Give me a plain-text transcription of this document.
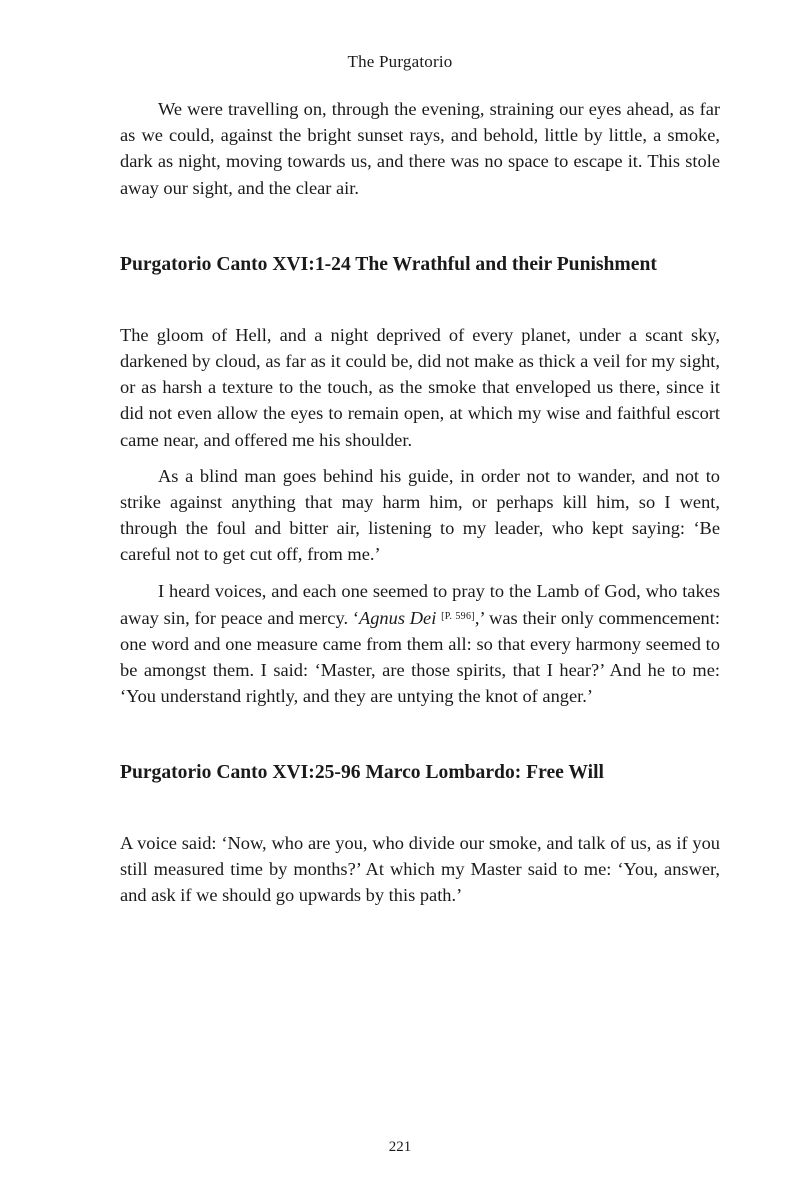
The Purgatorio

We were travelling on, through the evening, straining our eyes ahead, as far as we could, against the bright sunset rays, and behold, little by little, a smoke, dark as night, moving towards us, and there was no space to escape it. This stole away our sight, and the clear air.

Purgatorio Canto XVI:1-24 The Wrathful and their Punishment

The gloom of Hell, and a night deprived of every planet, under a scant sky, darkened by cloud, as far as it could be, did not make as thick a veil for my sight, or as harsh a texture to the touch, as the smoke that enveloped us there, since it did not even allow the eyes to remain open, at which my wise and faithful escort came near, and offered me his shoulder.

As a blind man goes behind his guide, in order not to wander, and not to strike against anything that may harm him, or perhaps kill him, so I went, through the foul and bitter air, listening to my leader, who kept saying: ‘Be careful not to get cut off, from me.’

I heard voices, and each one seemed to pray to the Lamb of God, who takes away sin, for peace and mercy. ‘Agnus Dei [P. 596],’ was their only commencement: one word and one measure came from them all: so that every harmony seemed to be amongst them. I said: ‘Master, are those spirits, that I hear?’ And he to me: ‘You understand rightly, and they are untying the knot of anger.’

Purgatorio Canto XVI:25-96 Marco Lombardo: Free Will

A voice said: ‘Now, who are you, who divide our smoke, and talk of us, as if you still measured time by months?’ At which my Master said to me: ‘You, answer, and ask if we should go upwards by this path.’

221
